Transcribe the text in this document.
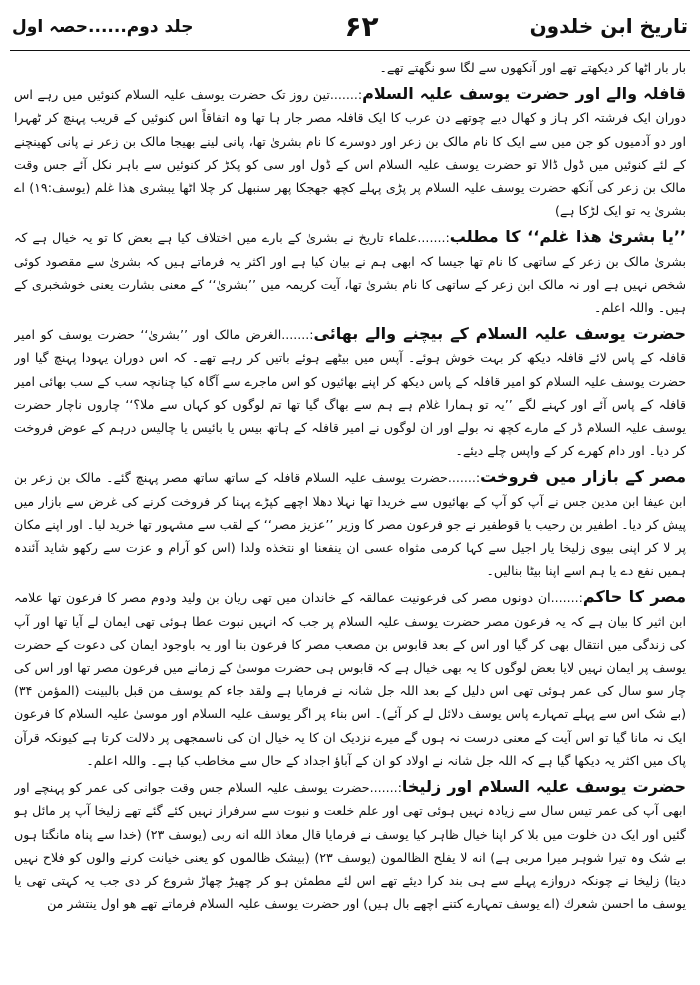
تاریخ ابن خلدون
۶۲
جلد دوم......حصہ اول

بار بار اٹھا کر دیکھتے تھے اور آنکھوں سے لگا سو نگھتے تھے۔

قافلہ والے اور حضرت یوسف علیہ السلام:.......تین روز تک حضرت یوسف علیہ السلام کنوئیں میں رہے اس دوران ایک فرشتہ اکر ہاز و کھال دیے چوتھے دن عرب کا ایک قافلہ مصر جار ہا تھا وہ اتفاقاً اس کنوئیں کے قریب پہنچ کر ٹھہرا اور دو آدمیوں کو جن میں سے ایک کا نام مالک بن زعر اور دوسرے کا نام بشریٰ تھا، پانی لینے بھیجا مالک بن زعر نے پانی کھینچنے کے لئے کنوئیں میں ڈول ڈالا تو حضرت یوسف علیہ السلام اس کے ڈول اور سی کو پکڑ کر کنوئیں سے باہر نکل آئے جس وقت مالک بن زعر کی آنکھ حضرت یوسف علیہ السلام پر پڑی پہلے کچھ جھجکا پھر سنبھل کر چلا اٹھا یبشری هذا غلم (یوسف:۱۹) اے بشریٰ یہ تو ایک لڑکا ہے)

’’یا بشریٰ هذا غلم‘‘ کا مطلب:.......علماء تاریخ نے بشریٰ کے بارے میں اختلاف کیا ہے بعض کا تو یہ خیال ہے کہ بشریٰ مالک بن زعر کے ساتھی کا نام تھا جیسا کہ ابھی ہم نے بیان کیا ہے اور اکثر یہ فرماتے ہیں کہ بشریٰ سے مقصود کوئی شخص نہیں ہے اور نہ مالک ابن زعر کے ساتھی کا نام بشریٰ تھا، آیت کریمہ میں ’’بشریٰ‘‘ کے معنی بشارت یعنی خوشخبری کے ہیں۔ واللہ اعلم۔

حضرت یوسف علیہ السلام کے بیچنے والے بھائی:.......الغرض مالک اور ’’بشریٰ‘‘ حضرت یوسف کو امیر قافلہ کے پاس لائے قافلہ دیکھ کر بہت خوش ہوئے۔ آپس میں بیٹھے ہوئے باتیں کر رہے تھے۔ کہ اس دوران یہودا پہنچ گیا اور حضرت یوسف علیہ السلام کو امیر قافلہ کے پاس دیکھ کر اپنے بھائیوں کو اس ماجرے سے آگاہ کیا چنانچہ سب کے سب بھائی امیر قافلہ کے پاس آئے اور کہنے لگے ’’یہ تو ہمارا غلام ہے ہم سے بھاگ گیا تھا تم لوگوں کو کہاں سے ملا؟‘‘ چاروں ناچار حضرت یوسف علیہ السلام ڈر کے مارے کچھ نہ بولے اور ان لوگوں نے امیر قافلہ کے ہاتھ بیس یا بائیس یا چالیس درہم کے عوض فروخت کر دیا۔ اور دام کھرے کر کے واپس چلے دیئے۔

مصر کے بازار میں فروخت:.......حضرت یوسف علیہ السلام قافلہ کے ساتھ ساتھ مصر پہنچ گئے۔ مالک بن زعر بن ابن عیفا ابن مدین جس نے آپ کو آپ کے بھائیوں سے خریدا تھا نہلا دھلا اچھے کپڑے پہنا کر فروخت کرنے کی غرض سے بازار میں پیش کر دیا۔ اطفیر بن رحیب یا قوطفیر نے جو فرعون مصر کا وزیر ’’عزیز مصر‘‘ کے لقب سے مشہور تھا خرید لیا۔ اور اپنے مکان پر لا کر اپنی بیوی زلیخا یار اجیل سے کہا کرمی مثواه عسى ان ينفعنا او نتخذه ولدا (اس کو آرام و عزت سے رکھو شاید آئندہ ہمیں نفع دے یا ہم اسے اپنا بیٹا بنالیں۔

مصر کا حاکم:.......ان دونوں مصر کی فرعونیت عمالقہ کے خاندان میں تھی ریان بن ولید ودوم مصر کا فرعون تھا علامہ ابن اثیر کا بیان ہے کہ یہ فرعون مصر حضرت یوسف علیہ السلام پر جب کہ انہیں نبوت عطا ہوئی تھی ایمان لے آیا تھا اور آپ کی زندگی میں انتقال بھی کر گیا اور اس کے بعد قابوس بن مصعب مصر کا فرعون بنا اور یہ باوجود ایمان کی دعوت کے حضرت یوسف پر ایمان نہیں لایا بعض لوگوں کا یہ بھی خیال ہے کہ قابوس ہی حضرت موسیٰ کے زمانے میں فرعون مصر تھا اور اس کی چار سو سال کی عمر ہوئی تھی اس دلیل کے بعد اللہ جل شانہ نے فرمایا ہے ولقد جاء کم یوسف من قبل بالبینت (المؤمن ۳۴) (بے شک اس سے پہلے تمہارے پاس یوسف دلائل لے کر آئے)۔ اس بناء پر اگر یوسف علیہ السلام اور موسیٰ علیہ السلام کا فرعون ایک نہ مانا گیا تو اس آیت کے معنی درست نہ ہوں گے میرے نزدیک ان کا یہ خیال ان کی ناسمجھی پر دلالت کرتا ہے کیونکہ قرآن پاک میں اکثر یہ دیکھا گیا ہے کہ اللہ جل شانہ نے اولاد کو ان کے آباؤ اجداد کے حال سے مخاطب کیا ہے۔ واللہ اعلم۔

حضرت یوسف علیہ السلام اور زلیخا:.......حضرت یوسف علیہ السلام جس وقت جوانی کی عمر کو پہنچے اور ابھی آپ کی عمر تیس سال سے زیادہ نہیں ہوئی تھی اور علم خلعت و نبوت سے سرفراز نہیں کئے گئے تھے زلیخا آپ پر مائل ہو گئیں اور ایک دن خلوت میں بلا کر اپنا خیال ظاہر کیا یوسف نے فرمایا قال معاذ الله انه ربی (یوسف ۲۳) (خدا سے پناہ مانگتا ہوں بے شک وہ تیرا شوہر میرا مربی ہے) انه لا یفلح الظالمون (یوسف ۲۳) (بیشک ظالموں کو یعنی خیانت کرنے والوں کو فلاح نہیں دیتا) زلیخا نے چونکہ دروازے پہلے سے ہی بند کرا دیئے تھے اس لئے مطمئن ہو کر چھیڑ چھاڑ شروع کر دی جب یہ کہتی تھی یا یوسف ما احسن شعرك (اے یوسف تمہارے کتنے اچھے بال ہیں) اور حضرت یوسف علیہ السلام فرماتے تھے هو اول ينتشر من
